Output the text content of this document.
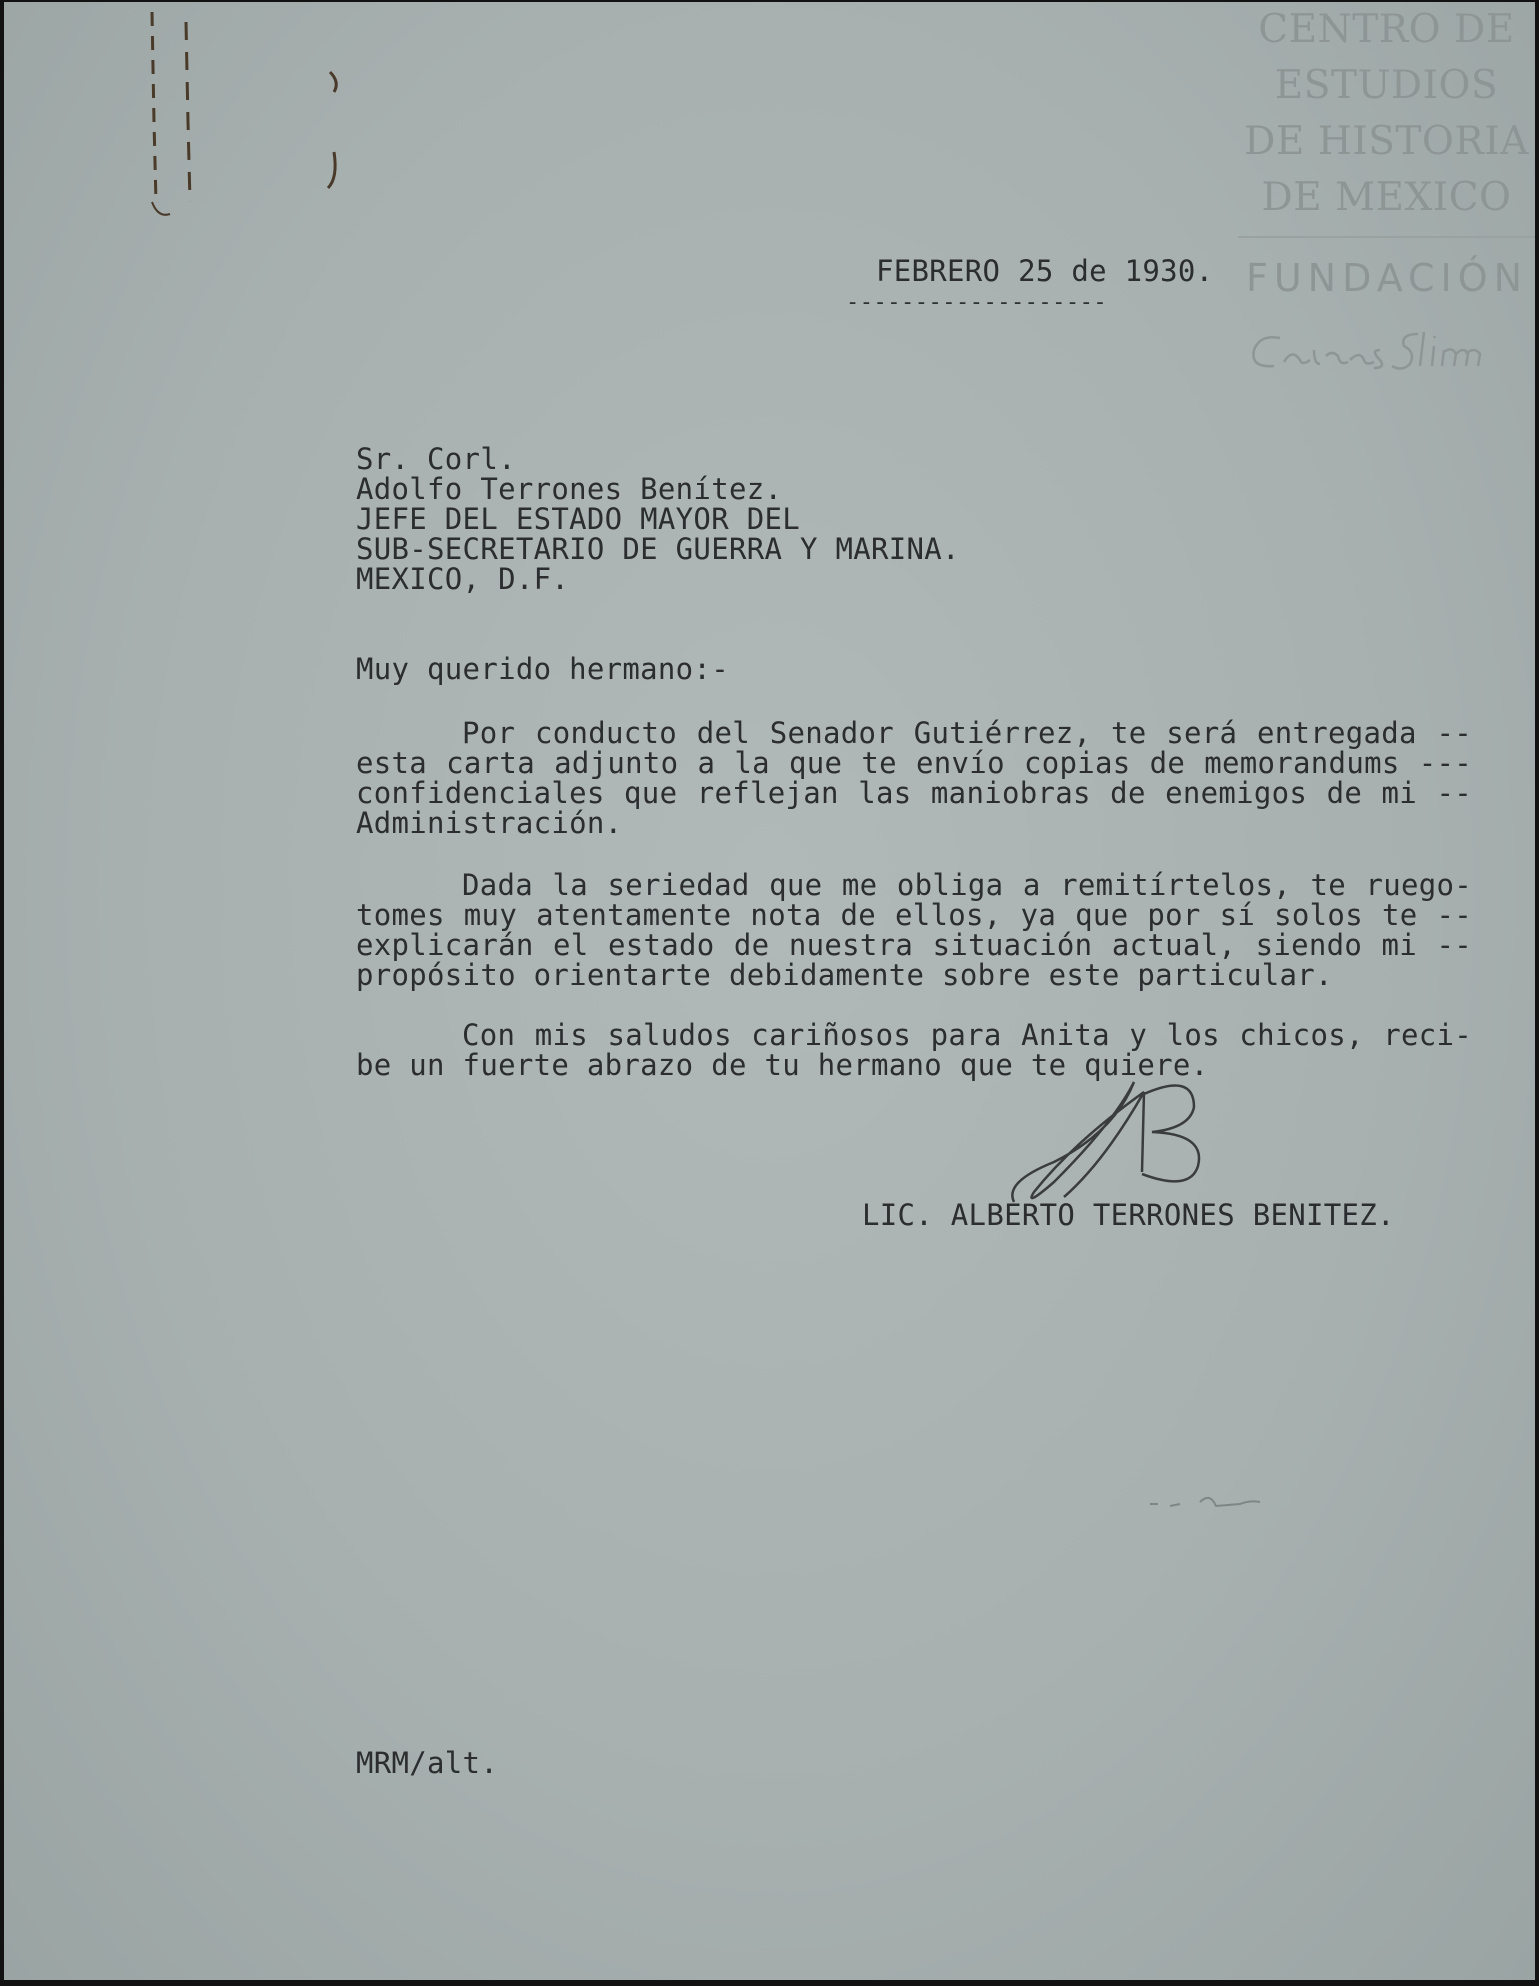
CENTRO DE
ESTUDIOS
DE HISTORIA
DE MEXICO
FUNDACIÓN
FEBRERO 25 de 1930.
-------------------
Sr. Corl.
Adolfo Terrones Benítez.
JEFE DEL ESTADO MAYOR DEL
SUB-SECRETARIO DE GUERRA Y MARINA.
MEXICO, D.F.
Muy querido hermano:-
Por conducto del Senador Gutiérrez, te será entregada --
esta carta adjunto a la que te envío copias de memorandums ---
confidenciales que reflejan las maniobras de enemigos de mi --
Administración.
Dada la seriedad que me obliga a remitírtelos, te ruego-
tomes muy atentamente nota de ellos, ya que por sí solos te --
explicarán el estado de nuestra situación actual, siendo mi --
propósito orientarte debidamente sobre este particular.
Con mis saludos cariñosos para Anita y los chicos, reci-
be un fuerte abrazo de tu hermano que te quiere.
LIC. ALBERTO TERRONES BENITEZ.
MRM/alt.
